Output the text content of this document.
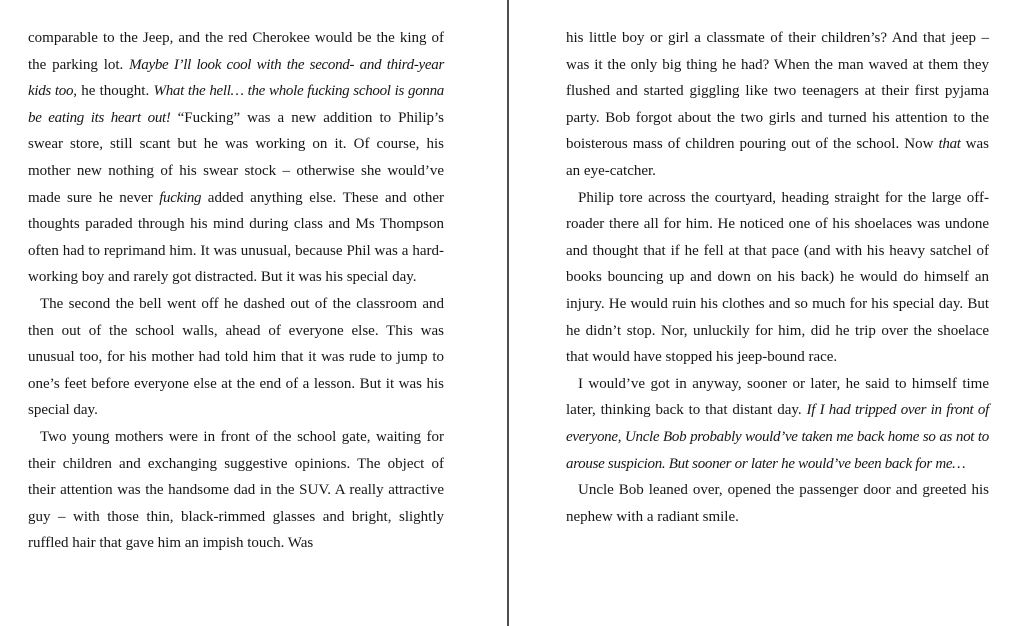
comparable to the Jeep, and the red Cherokee would be the king of the parking lot. Maybe I’ll look cool with the second- and third-year kids too, he thought. What the hell… the whole fucking school is gonna be eating its heart out! “Fucking” was a new addition to Philip’s swear store, still scant but he was working on it. Of course, his mother new nothing of his swear stock – otherwise she would’ve made sure he never fucking added anything else. These and other thoughts paraded through his mind during class and Ms Thompson often had to reprimand him. It was unusual, because Phil was a hard-working boy and rarely got distracted. But it was his special day.

The second the bell went off he dashed out of the classroom and then out of the school walls, ahead of everyone else. This was unusual too, for his mother had told him that it was rude to jump to one’s feet before everyone else at the end of a lesson. But it was his special day.

Two young mothers were in front of the school gate, waiting for their children and exchanging suggestive opinions. The object of their attention was the handsome dad in the SUV. A really attractive guy – with those thin, black-rimmed glasses and bright, slightly ruffled hair that gave him an impish touch. Was

his little boy or girl a classmate of their children’s? And that jeep – was it the only big thing he had? When the man waved at them they flushed and started giggling like two teenagers at their first pyjama party. Bob forgot about the two girls and turned his attention to the boisterous mass of children pouring out of the school. Now that was an eye-catcher.

Philip tore across the courtyard, heading straight for the large off-roader there all for him. He noticed one of his shoelaces was undone and thought that if he fell at that pace (and with his heavy satchel of books bouncing up and down on his back) he would do himself an injury. He would ruin his clothes and so much for his special day. But he didn’t stop. Nor, unluckily for him, did he trip over the shoelace that would have stopped his jeep-bound race.

I would’ve got in anyway, sooner or later, he said to himself time later, thinking back to that distant day. If I had tripped over in front of everyone, Uncle Bob probably would’ve taken me back home so as not to arouse suspicion. But sooner or later he would’ve been back for me…

Uncle Bob leaned over, opened the passenger door and greeted his nephew with a radiant smile.
